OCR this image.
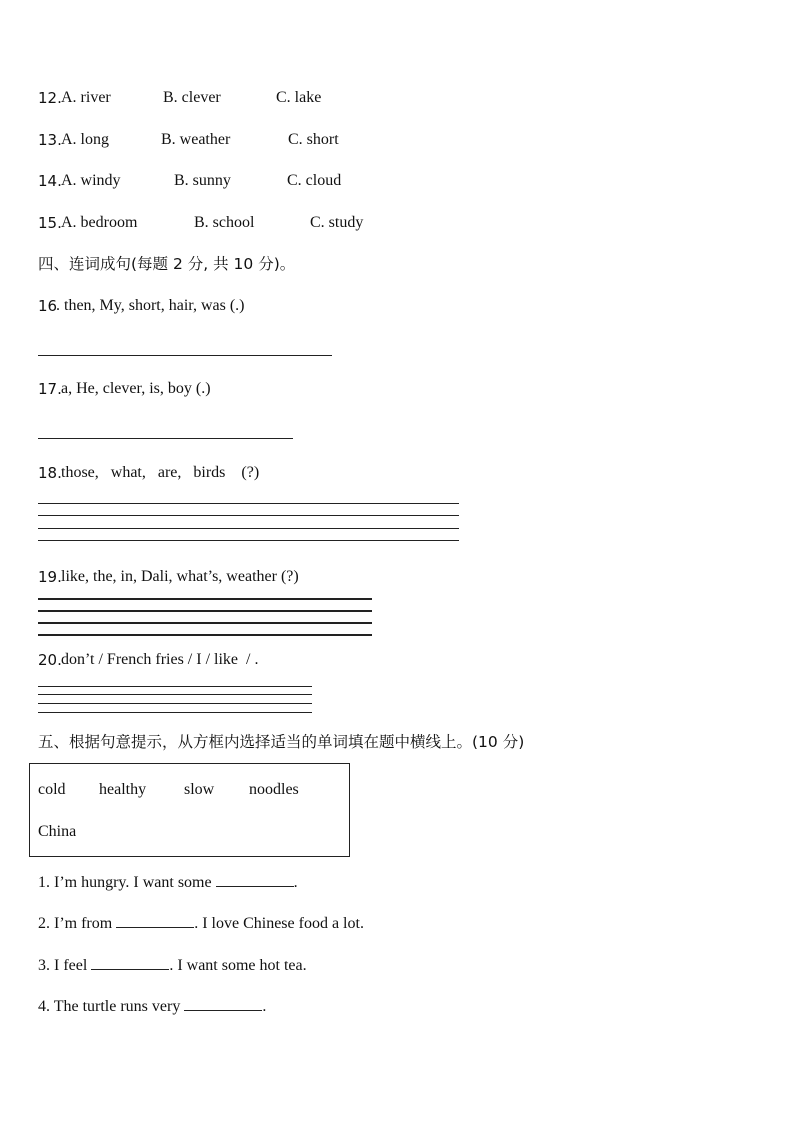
12. A. river	B. clever	C. lake
13. A. long	B. weather	C. short
14. A. windy	B. sunny	C. cloud
15. A. bedroom	B. school	C. study
四、连词成句(每题 2 分, 共 10 分)。
16
. then, My, short, hair, was (.)
17. a, He, clever, is, boy (.)
18. those,   what,   are,   birds    (?)
19. like, the, in, Dali, what’s, weather (?)
20. don’t / French fries / I / like  / .
五、根据句意提示，从方框内选择适当的单词填在题中横线上。(10 分)
cold healthy slow noodles
China
1. I’m hungry. I want some	.
2. I’m from	. I love Chinese food a lot.
3. I feel	. I want some hot tea.
4. The turtle runs very	.
